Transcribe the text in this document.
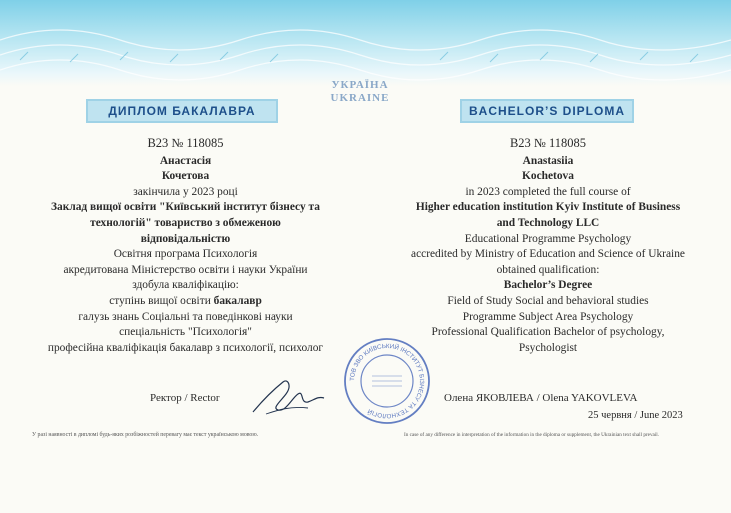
УКРАЇНА
UKRAINE
ДИПЛОМ БАКАЛАВРА	BACHELOR’S DIPLOMA
B23 № 118085
Анастасія
Кочетова
закінчила у 2023 році
Заклад вищої освіти "Київський інститут бізнесу та
технологій" товариство з обмеженою
відповідальністю
Освітня програма Психологія
акредитована Міністерство освіти і науки України
здобула кваліфікацію:
ступінь вищої освіти бакалавр
галузь знань Соціальні та поведінкові науки
спеціальність "Психологія"
професійна кваліфікація бакалавр з психології, психолог
B23 № 118085
Anastasiia
Kochetova
in 2023 completed the full course of
Higher education institution Kyiv Institute of Business
and Technology LLC
Educational Programme Psychology
accredited by Ministry of Education and Science of Ukraine
obtained qualification:
Bachelor’s Degree
Field of Study Social and behavioral studies
Programme Subject Area Psychology
Professional Qualification Bachelor of psychology,
Psychologist
Ректор / Rector	Олена ЯКОВЛЕВА / Olena YAKOVLEVA
25 червня / June 2023
ТОВ ЗВО КИЇВСЬКИЙ ІНСТИТУТ БІЗНЕСУ ТА ТЕХНОЛОГІЙ
У разі наявності в дипломі будь-яких розбіжностей перевагу має текст українською мовою.	In case of any difference in interpretation of the information in the diploma or supplement, the Ukrainian text shall prevail.
